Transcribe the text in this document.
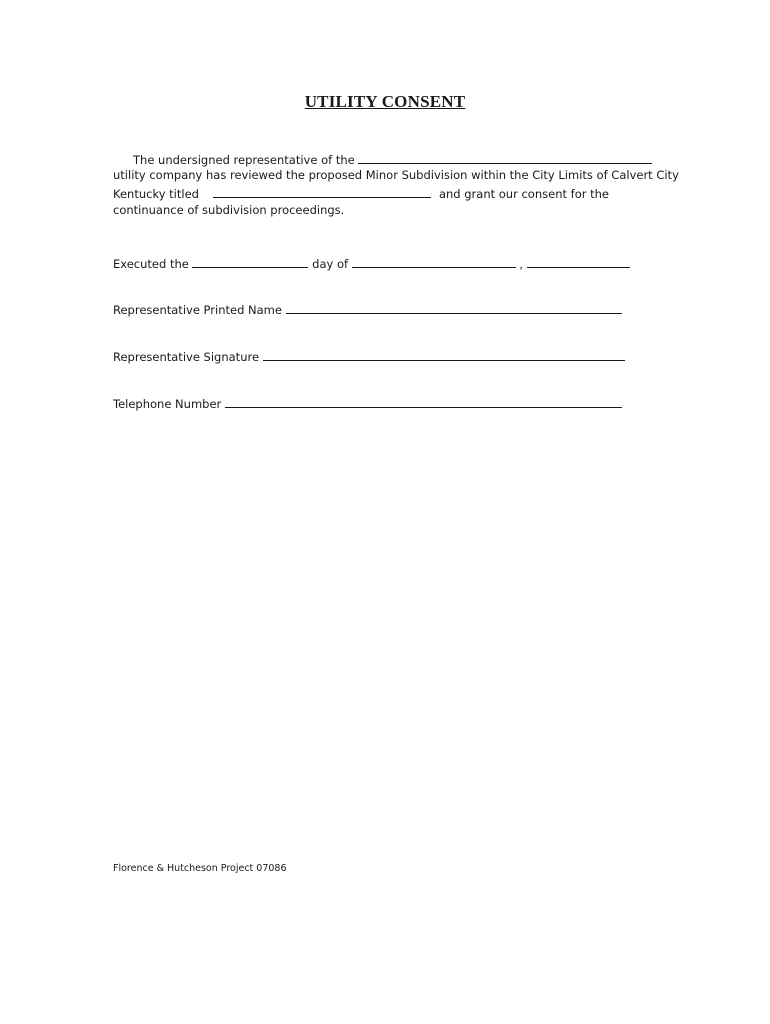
UTILITY CONSENT
The undersigned representative of the
utility company has reviewed the proposed Minor Subdivision within the City Limits of Calvert City
Kentucky titled	and grant our consent for the
continuance of subdivision proceedings.
Executed the	day of	,
Representative Printed Name
Representative Signature
Telephone Number
Florence & Hutcheson Project 07086
